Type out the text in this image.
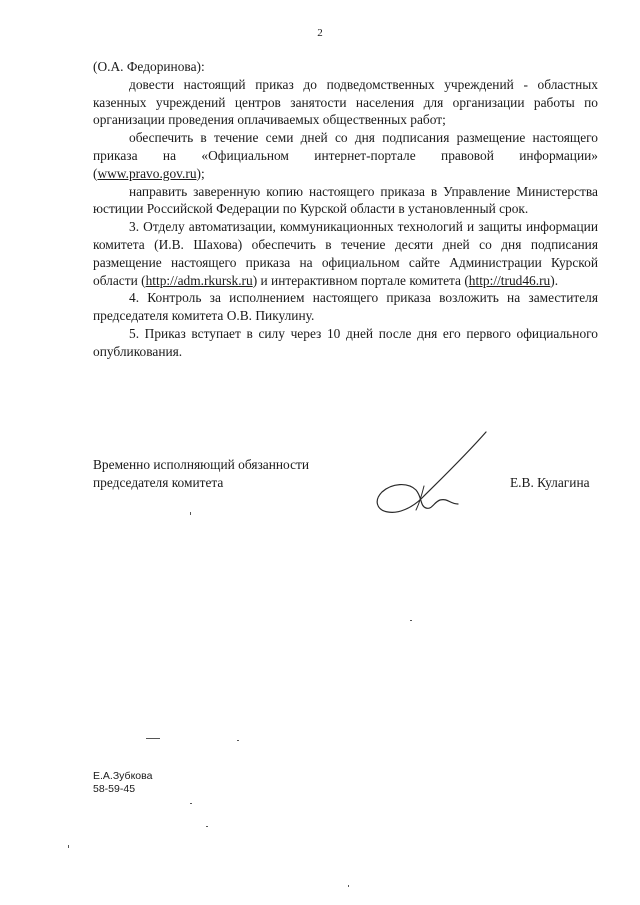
2

(О.А. Федоринова):

довести настоящий приказ до подведомственных учреждений - областных казенных учреждений центров занятости населения для организации работы по организации проведения оплачиваемых общественных работ;

обеспечить в течение семи дней со дня подписания размещение настоящего приказа на «Официальном интернет-портале правовой информации» (www.pravo.gov.ru);

направить заверенную копию настоящего приказа в Управление Министерства юстиции Российской Федерации по Курской области в установленный срок.

3. Отделу автоматизации, коммуникационных технологий и защиты информации комитета (И.В. Шахова) обеспечить в течение десяти дней со дня подписания размещение настоящего приказа на официальном сайте Администрации Курской области (http://adm.rkursk.ru) и интерактивном портале комитета (http://trud46.ru).

4. Контроль за исполнением настоящего приказа возложить на заместителя председателя комитета О.В. Пикулину.

5. Приказ вступает в силу через 10 дней после дня его первого официального опубликования.

Временно исполняющий обязанности
председателя комитета	Е.В. Кулагина
Е.А.Зубкова
58-59-45
